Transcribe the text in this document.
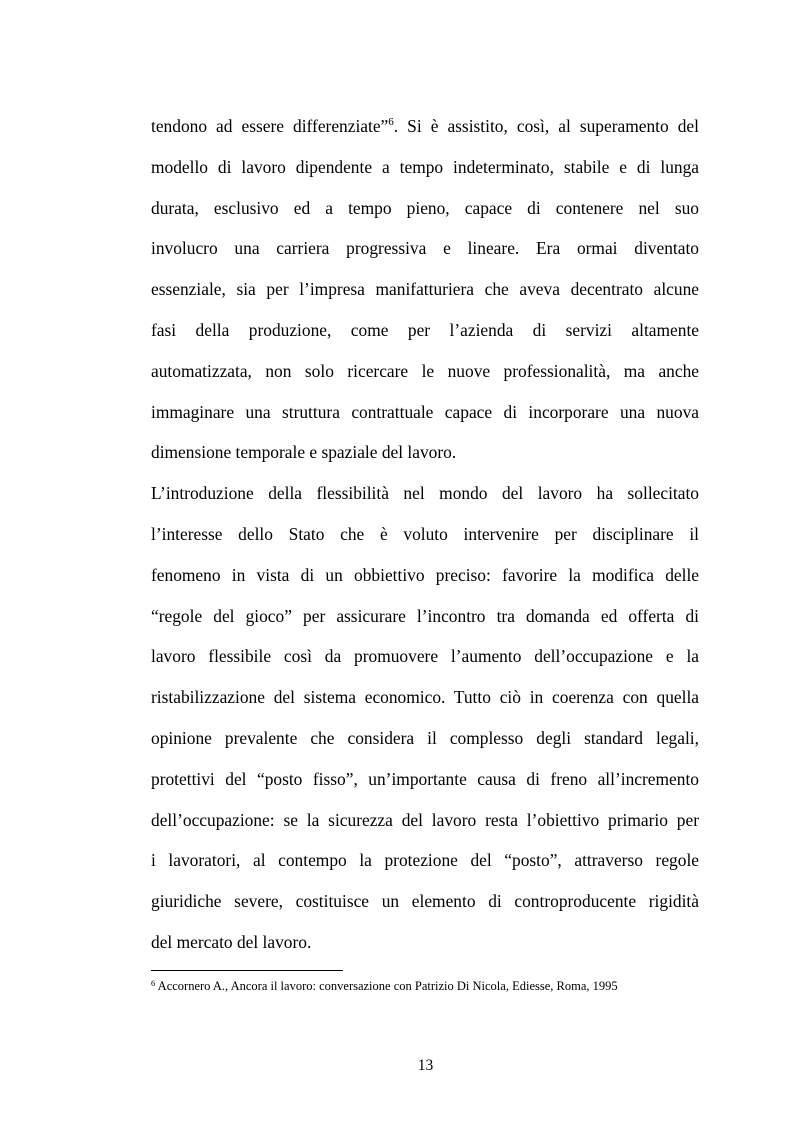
tendono ad essere differenziate”$^6$. Si è assistito, così, al superamento del
modello di lavoro dipendente a tempo indeterminato, stabile e di lunga
durata, esclusivo ed a tempo pieno, capace di contenere nel suo
involucro una carriera progressiva e lineare. Era ormai diventato
essenziale, sia per l’impresa manifatturiera che aveva decentrato alcune
fasi della produzione, come per l’azienda di servizi altamente
automatizzata, non solo ricercare le nuove professionalità, ma anche
immaginare una struttura contrattuale capace di incorporare una nuova
dimensione temporale e spaziale del lavoro.
L’introduzione della flessibilità nel mondo del lavoro ha sollecitato
l’interesse dello Stato che è voluto intervenire per disciplinare il
fenomeno in vista di un obbiettivo preciso: favorire la modifica delle
“regole del gioco” per assicurare l’incontro tra domanda ed offerta di
lavoro flessibile così da promuovere l’aumento dell’occupazione e la
ristabilizzazione del sistema economico. Tutto ciò in coerenza con quella
opinione prevalente che considera il complesso degli standard legali,
protettivi del “posto fisso”, un’importante causa di freno all’incremento
dell’occupazione: se la sicurezza del lavoro resta l’obiettivo primario per
i lavoratori, al contempo la protezione del “posto”, attraverso regole
giuridiche severe, costituisce un elemento di controproducente rigidità
del mercato del lavoro.
$^6$ Accornero A., Ancora il lavoro: conversazione con Patrizio Di Nicola, Ediesse, Roma, 1995
13
